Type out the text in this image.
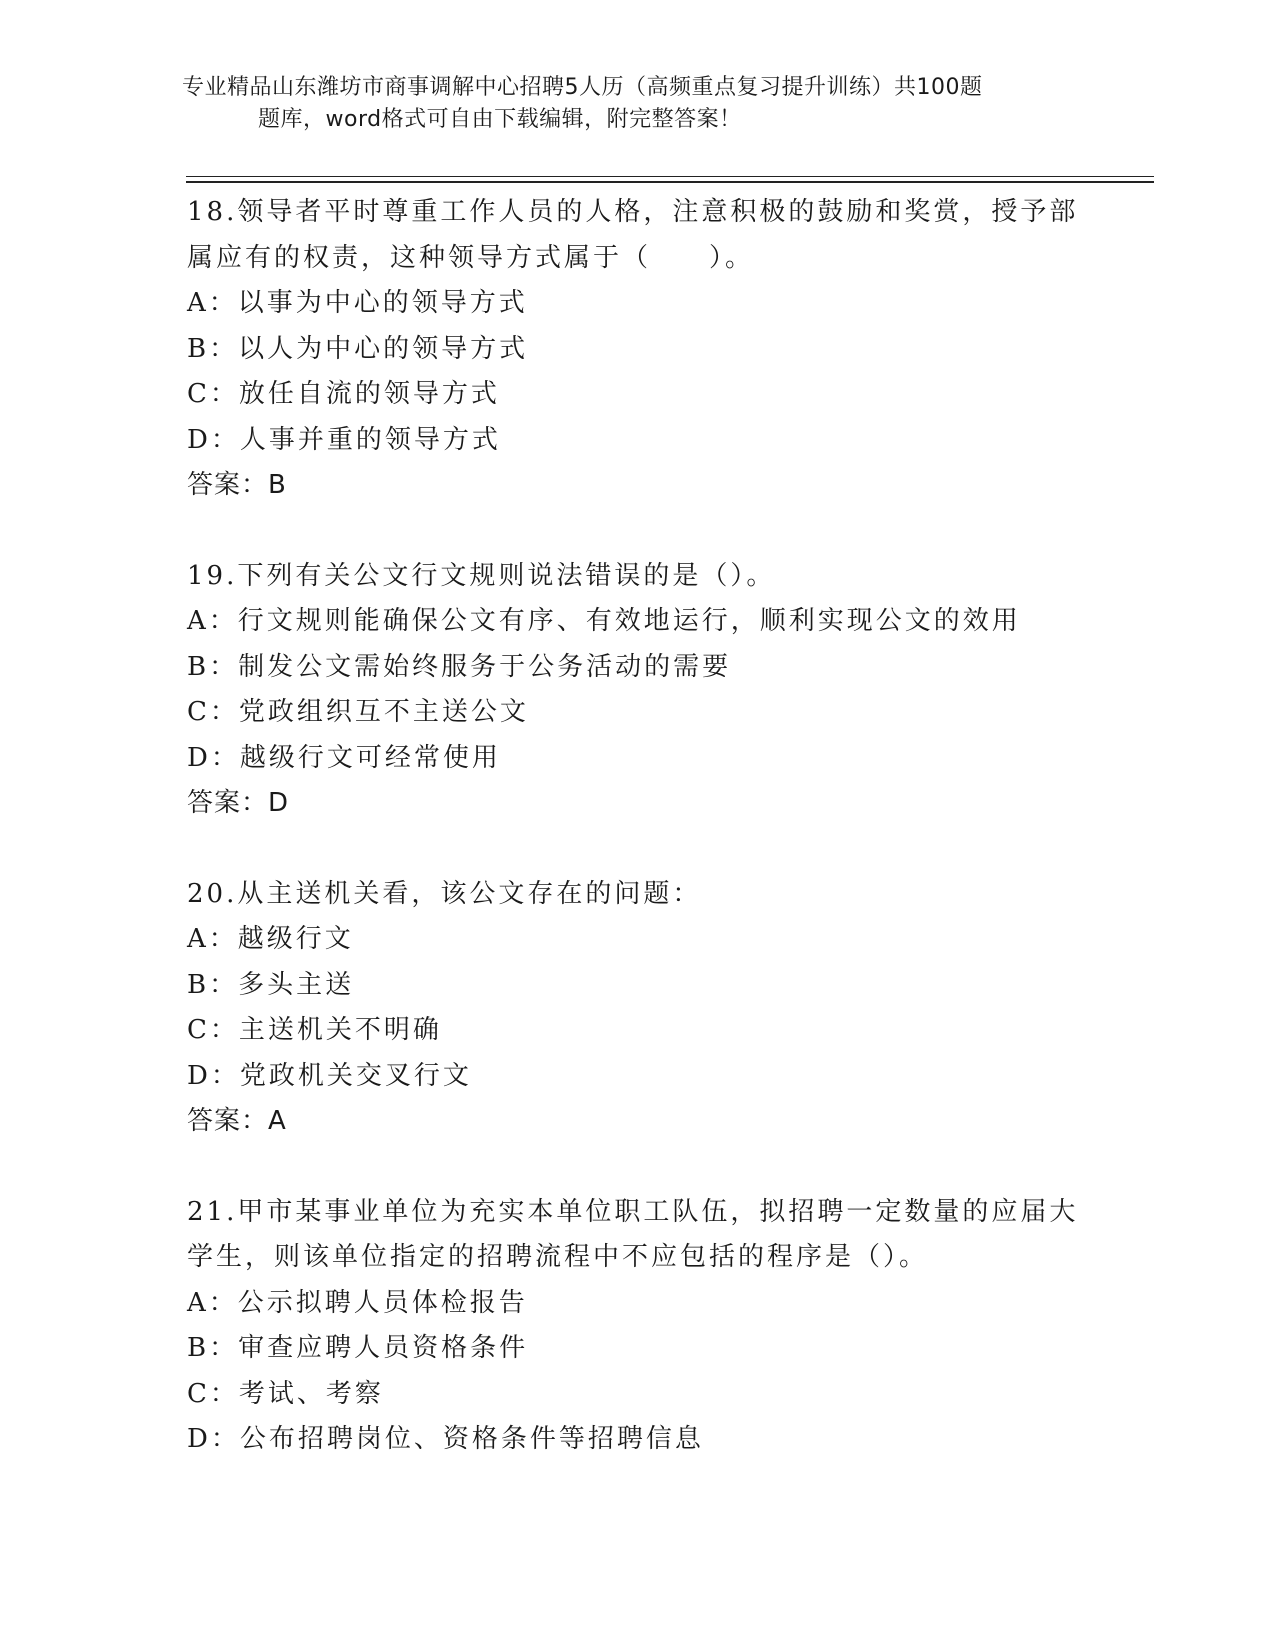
专业精品山东潍坊市商事调解中心招聘5人历（高频重点复习提升训练）共100题
题库，word格式可自由下载编辑，附完整答案！
18.领导者平时尊重工作人员的人格，注意积极的鼓励和奖赏，授予部
属应有的权责，这种领导方式属于（　　）。
A：以事为中心的领导方式
B：以人为中心的领导方式
C：放任自流的领导方式
D：人事并重的领导方式
答案：B
19.下列有关公文行文规则说法错误的是（）。
A：行文规则能确保公文有序、有效地运行，顺利实现公文的效用
B：制发公文需始终服务于公务活动的需要
C：党政组织互不主送公文
D：越级行文可经常使用
答案：D
20.从主送机关看，该公文存在的问题：
A：越级行文
B：多头主送
C：主送机关不明确
D：党政机关交叉行文
答案：A
21.甲市某事业单位为充实本单位职工队伍，拟招聘一定数量的应届大
学生，则该单位指定的招聘流程中不应包括的程序是（）。
A：公示拟聘人员体检报告
B：审查应聘人员资格条件
C：考试、考察
D：公布招聘岗位、资格条件等招聘信息
